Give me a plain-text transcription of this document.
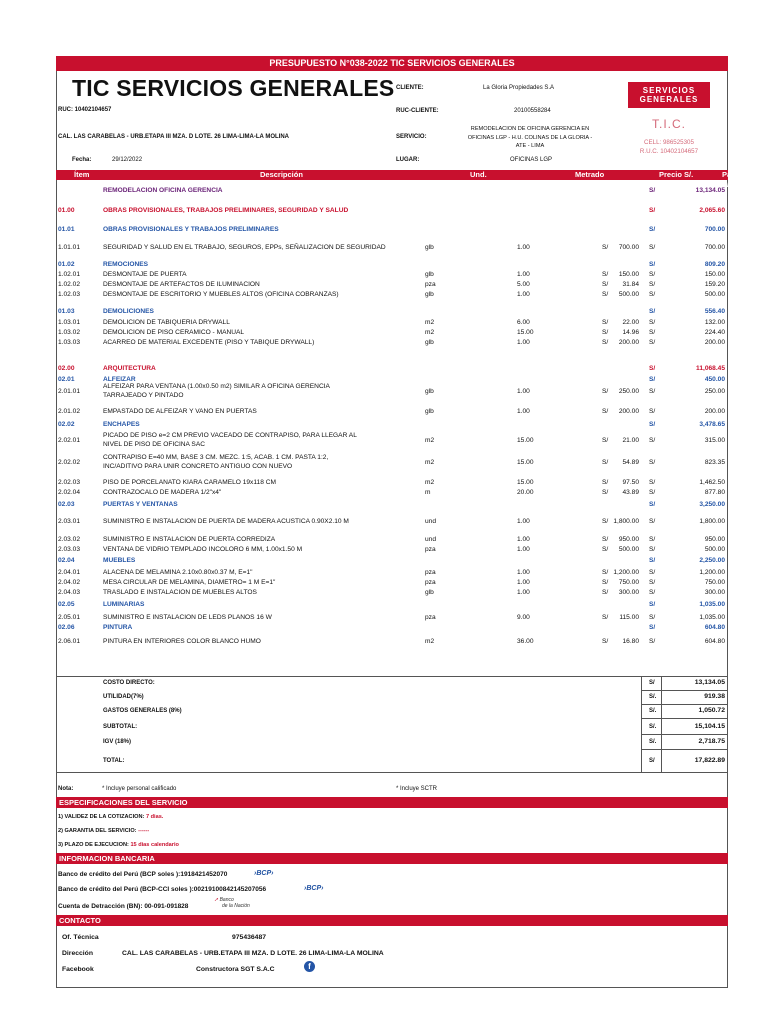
PRESUPUESTO N°038-2022 TIC SERVICIOS GENERALES
TIC SERVICIOS GENERALES
RUC: 10402104657
CAL. LAS CARABELAS - URB.ETAPA III MZA. D LOTE. 26 LIMA-LIMA-LA MOLINA
Fecha:	29/12/2022
CLIENTE:	La Gloria Propiedades S.A
RUC-CLIENTE:	20100558284
SERVICIO:
REMODELACION DE OFICINA GERENCIA EN
OFICINAS LGP - H.U. COLINAS DE LA GLORIA -
ATE - LIMA
LUGAR:	OFICINAS LGP
SERVICIOS
GENERALES
T.I.C.
CELL: 986525305
R.U.C. 10402104657
Ítem	Descripción	Und.	Metrado	Precio S/.	Parcial S/.
REMODELACION OFICINA GERENCIA	S/	13,134.05
01.00	OBRAS PROVISIONALES, TRABAJOS PRELIMINARES, SEGURIDAD Y SALUD	S/	2,065.60
01.01	OBRAS PROVISIONALES Y TRABAJOS PRELIMINARES	S/	700.00
1.01.01	SEGURIDAD Y SALUD EN EL TRABAJO, SEGUROS, EPPs, SEÑALIZACION DE SEGURIDAD	glb	1.00	S/	700.00 S/	700.00
01.02	REMOCIONES	S/	809.20
1.02.01	DESMONTAJE DE PUERTA	glb	1.00	S/	150.00 S/	150.00
1.02.02	DESMONTAJE DE ARTEFACTOS DE ILUMINACION	pza	5.00	S/	31.84 S/	159.20
1.02.03	DESMONTAJE DE ESCRITORIO Y MUEBLES ALTOS (OFICINA COBRANZAS)	glb	1.00	S/	500.00 S/	500.00
01.03	DEMOLICIONES	S/	556.40
1.03.01	DEMOLICION DE TABIQUERIA DRYWALL	m2	6.00	S/	22.00 S/	132.00
1.03.02	DEMOLICION DE PISO CERAMICO - MANUAL	m2	15.00	S/	14.96 S/	224.40
1.03.03	ACARREO DE MATERIAL EXCEDENTE (PISO Y TABIQUE DRYWALL)	glb	1.00	S/	200.00 S/	200.00
02.00	ARQUITECTURA	S/	11,068.45
02.01	ALFEIZAR	S/	450.00
2.01.01
ALFEIZAR PARA VENTANA (1.00x0.50 m2) SIMILAR A OFICINA GERENCIA
TARRAJEADO Y PINTADO
glb	1.00	S/	250.00 S/	250.00
2.01.02	EMPASTADO DE ALFEIZAR Y VANO EN PUERTAS	glb	1.00	S/	200.00 S/	200.00
02.02	ENCHAPES	S/	3,478.65
2.02.01
PICADO DE PISO e=2 CM PREVIO VACEADO DE CONTRAPISO, PARA LLEGAR AL
NIVEL DE PISO DE OFICINA SAC
m2	15.00	S/	21.00 S/	315.00
2.02.02
CONTRAPISO E=40 MM, BASE 3 CM. MEZC. 1:5, ACAB. 1 CM. PASTA 1:2,
INC/ADITIVO PARA UNIR CONCRETO ANTIGUO CON NUEVO
m2	15.00	S/	54.89 S/	823.35
2.02.03	PISO DE PORCELANATO KIARA CARAMELO 19x118 CM	m2	15.00	S/	97.50 S/	1,462.50
2.02.04	CONTRAZOCALO DE MADERA 1/2"x4"	m	20.00	S/	43.89 S/	877.80
02.03	PUERTAS Y VENTANAS	S/	3,250.00
2.03.01	SUMINISTRO E INSTALACION DE PUERTA DE MADERA ACUSTICA 0.90X2.10 M	und	1.00	S/ 1,800.00 S/	1,800.00
2.03.02	SUMINISTRO E INSTALACION DE PUERTA CORREDIZA	und	1.00	S/	950.00 S/	950.00
2.03.03	VENTANA DE VIDRIO TEMPLADO INCOLORO 6 MM, 1.00x1.50 M	pza	1.00	S/	500.00 S/	500.00
02.04	MUEBLES	S/	2,250.00
2.04.01	ALACENA DE MELAMINA 2.10x0.80x0.37 M, E=1"	pza	1.00	S/ 1,200.00 S/	1,200.00
2.04.02	MESA CIRCULAR DE MELAMINA, DIAMETRO= 1 M E=1"	pza	1.00	S/	750.00 S/	750.00
2.04.03	TRASLADO E INSTALACION DE MUEBLES ALTOS	glb	1.00	S/	300.00 S/	300.00
02.05	LUMINARIAS	S/	1,035.00
2.05.01	SUMINISTRO E INSTALACION DE LEDS PLANOS 16 W	pza	9.00	S/	115.00 S/	1,035.00
02.06	PINTURA	S/	604.80
2.06.01	PINTURA EN INTERIORES COLOR BLANCO HUMO	m2	36.00	S/	16.80 S/	604.80
COSTO DIRECTO:	S/	13,134.05
UTILIDAD(7%)	S/.	919.38
GASTOS GENERALES (8%)	S/.	1,050.72
SUBTOTAL:	S/.	15,104.15
IGV (18%)	S/.	2,718.75
TOTAL:	S/	17,822.89
Nota:	* Incluye personal calificado	* Incluye SCTR
ESPECIFICACIONES DEL SERVICIO
1) VALIDEZ DE LA COTIZACION: 7 dias.
2) GARANTIA DEL SERVICIO: ------
3) PLAZO DE EJECUCION: 15 dias calendario
INFORMACION BANCARIA
Banco de crédito del Perú (BCP soles ):1918421452070	›BCP›
Banco de crédito del Perú (BCP-CCI soles ):00219100842145207056	›BCP›
Cuenta de Detracción (BN): 00-091-091828
➚ Banco
de la Nación
CONTACTO
Of. Técnica	975436487
Dirección	CAL. LAS CARABELAS - URB.ETAPA III MZA. D LOTE. 26 LIMA-LIMA-LA MOLINA
Facebook	Constructora SGT S.A.C	f
